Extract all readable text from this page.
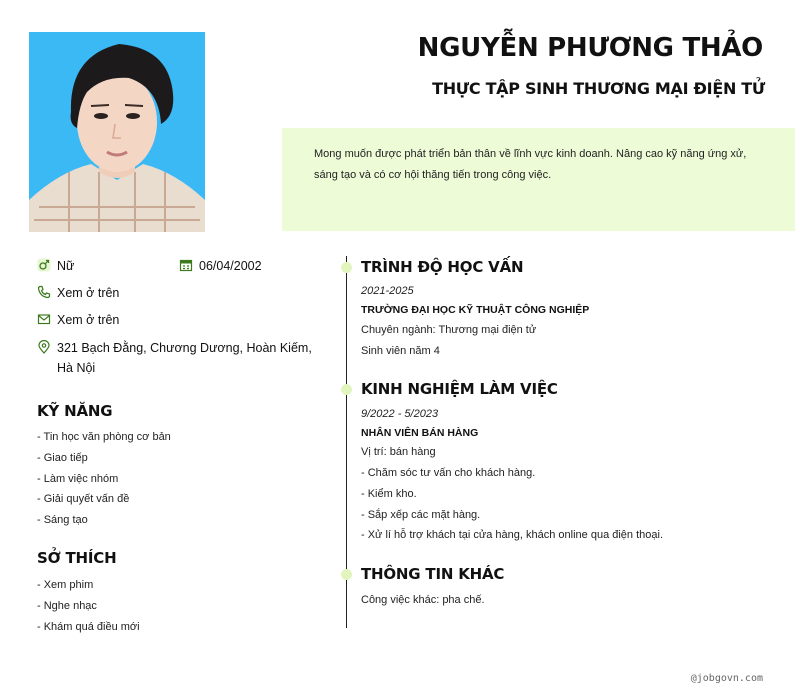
NGUYỄN PHƯƠNG THẢO
THỰC TẬP SINH THƯƠNG MẠI ĐIỆN TỬ
Mong muốn được phát triển bản thân về lĩnh vực kinh doanh. Nâng cao kỹ năng ứng xử, sáng tạo và có cơ hội thăng tiến trong công việc.
Nữ	06/04/2002
Xem ở trên
Xem ở trên
321 Bạch Đằng, Chương Dương, Hoàn Kiếm, Hà Nội
KỸ NĂNG
- Tin học văn phòng cơ bản
- Giao tiếp
- Làm việc nhóm
- Giải quyết vấn đề
- Sáng tạo
SỞ THÍCH
- Xem phim
- Nghe nhạc
- Khám quá điều mới
TRÌNH ĐỘ HỌC VẤN
2021-2025
TRƯỜNG ĐẠI HỌC KỸ THUẬT CÔNG NGHIỆP
Chuyên ngành: Thương mại điện tử
Sinh viên năm 4
KINH NGHIỆM LÀM VIỆC
9/2022 - 5/2023
NHÂN VIÊN BÁN HÀNG
Vị trí: bán hàng
- Chăm sóc tư vấn cho khách hàng.
- Kiểm kho.
- Sắp xếp các mặt hàng.
- Xử lí hỗ trợ khách tại cửa hàng, khách online qua điện thoại.
THÔNG TIN KHÁC
Công việc khác: pha chế.
@jobgovn.com
